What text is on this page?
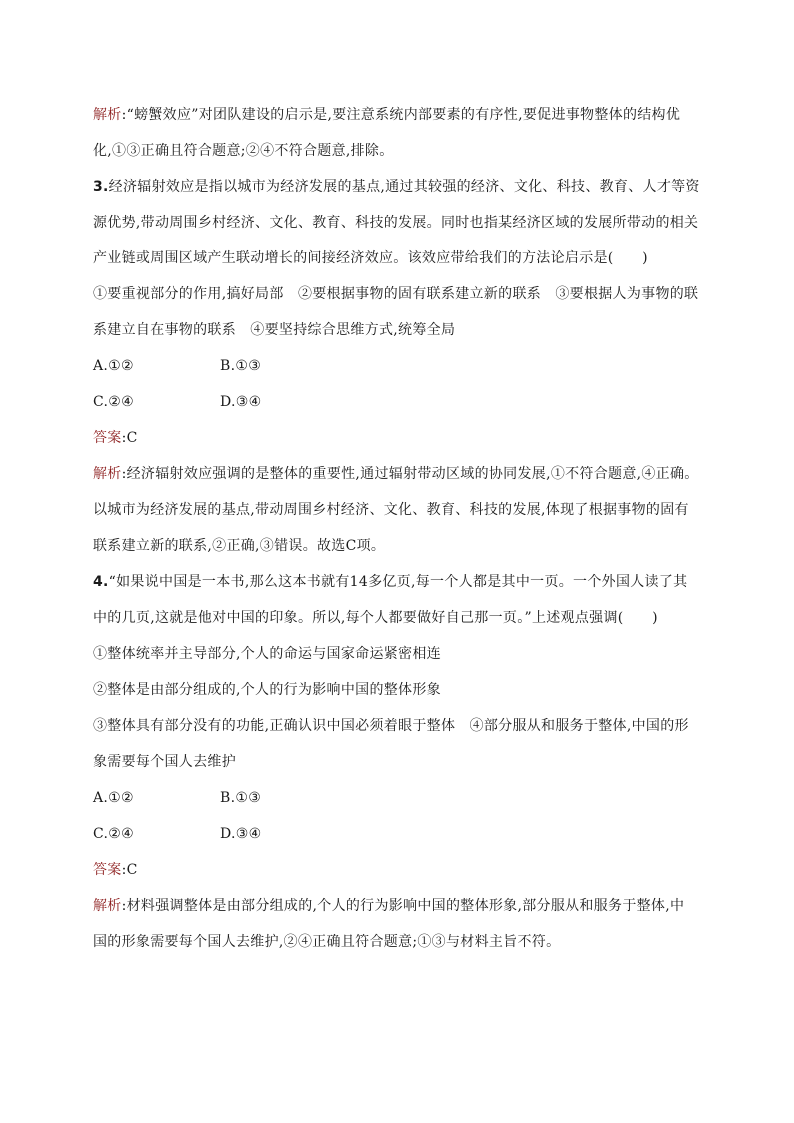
解析:“螃蟹效应”对团队建设的启示是,要注意系统内部要素的有序性,要促进事物整体的结构优
化,①③正确且符合题意;②④不符合题意,排除。
3.经济辐射效应是指以城市为经济发展的基点,通过其较强的经济、文化、科技、教育、人才等资
源优势,带动周围乡村经济、文化、教育、科技的发展。同时也指某经济区域的发展所带动的相关
产业链或周围区域产生联动增长的间接经济效应。该效应带给我们的方法论启示是(　　)
①要重视部分的作用,搞好局部　②要根据事物的固有联系建立新的联系　③要根据人为事物的联
系建立自在事物的联系　④要坚持综合思维方式,统筹全局
A.①②	B.①③
C.②④	D.③④
答案:C
解析:经济辐射效应强调的是整体的重要性,通过辐射带动区域的协同发展,①不符合题意,④正确。
以城市为经济发展的基点,带动周围乡村经济、文化、教育、科技的发展,体现了根据事物的固有
联系建立新的联系,②正确,③错误。故选C项。
4.“如果说中国是一本书,那么这本书就有14多亿页,每一个人都是其中一页。一个外国人读了其
中的几页,这就是他对中国的印象。所以,每个人都要做好自己那一页。”上述观点强调(　　)
①整体统率并主导部分,个人的命运与国家命运紧密相连
②整体是由部分组成的,个人的行为影响中国的整体形象
③整体具有部分没有的功能,正确认识中国必须着眼于整体　④部分服从和服务于整体,中国的形
象需要每个国人去维护
A.①②	B.①③
C.②④	D.③④
答案:C
解析:材料强调整体是由部分组成的,个人的行为影响中国的整体形象,部分服从和服务于整体,中
国的形象需要每个国人去维护,②④正确且符合题意;①③与材料主旨不符。
